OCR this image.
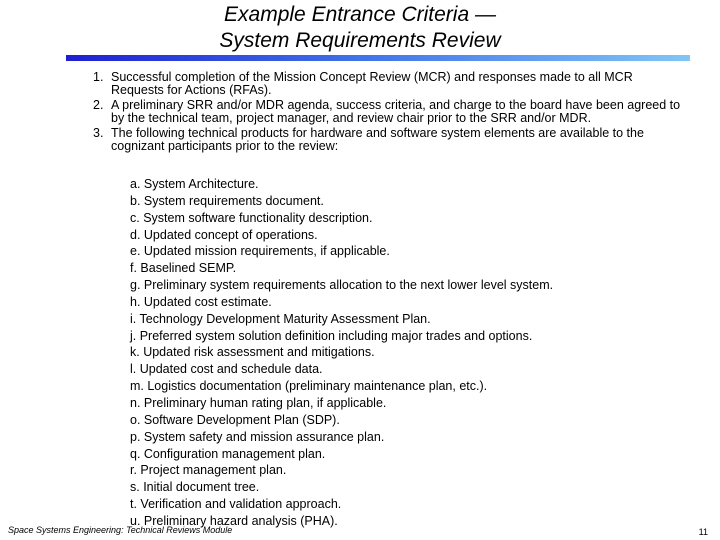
Example Entrance Criteria —
System Requirements Review
1. Successful completion of the Mission Concept Review (MCR) and responses made to all MCR Requests for Actions (RFAs).
2. A preliminary SRR and/or MDR agenda, success criteria, and charge to the board have been agreed to by the technical team, project manager, and review chair prior to the SRR and/or MDR.
3. The following technical products for hardware and software system elements are available to the cognizant participants prior to the review:
a. System Architecture.
b. System requirements document.
c. System software functionality description.
d. Updated concept of operations.
e. Updated mission requirements, if applicable.
f. Baselined SEMP.
g. Preliminary system requirements allocation to the next lower level system.
h. Updated cost estimate.
i. Technology Development Maturity Assessment Plan.
j. Preferred system solution definition including major trades and options.
k. Updated risk assessment and mitigations.
l. Updated cost and schedule data.
m. Logistics documentation (preliminary maintenance plan, etc.).
n. Preliminary human rating plan, if applicable.
o. Software Development Plan (SDP).
p. System safety and mission assurance plan.
q. Configuration management plan.
r. Project management plan.
s. Initial document tree.
t. Verification and validation approach.
u. Preliminary hazard analysis (PHA).
Space Systems Engineering: Technical Reviews Module	11
